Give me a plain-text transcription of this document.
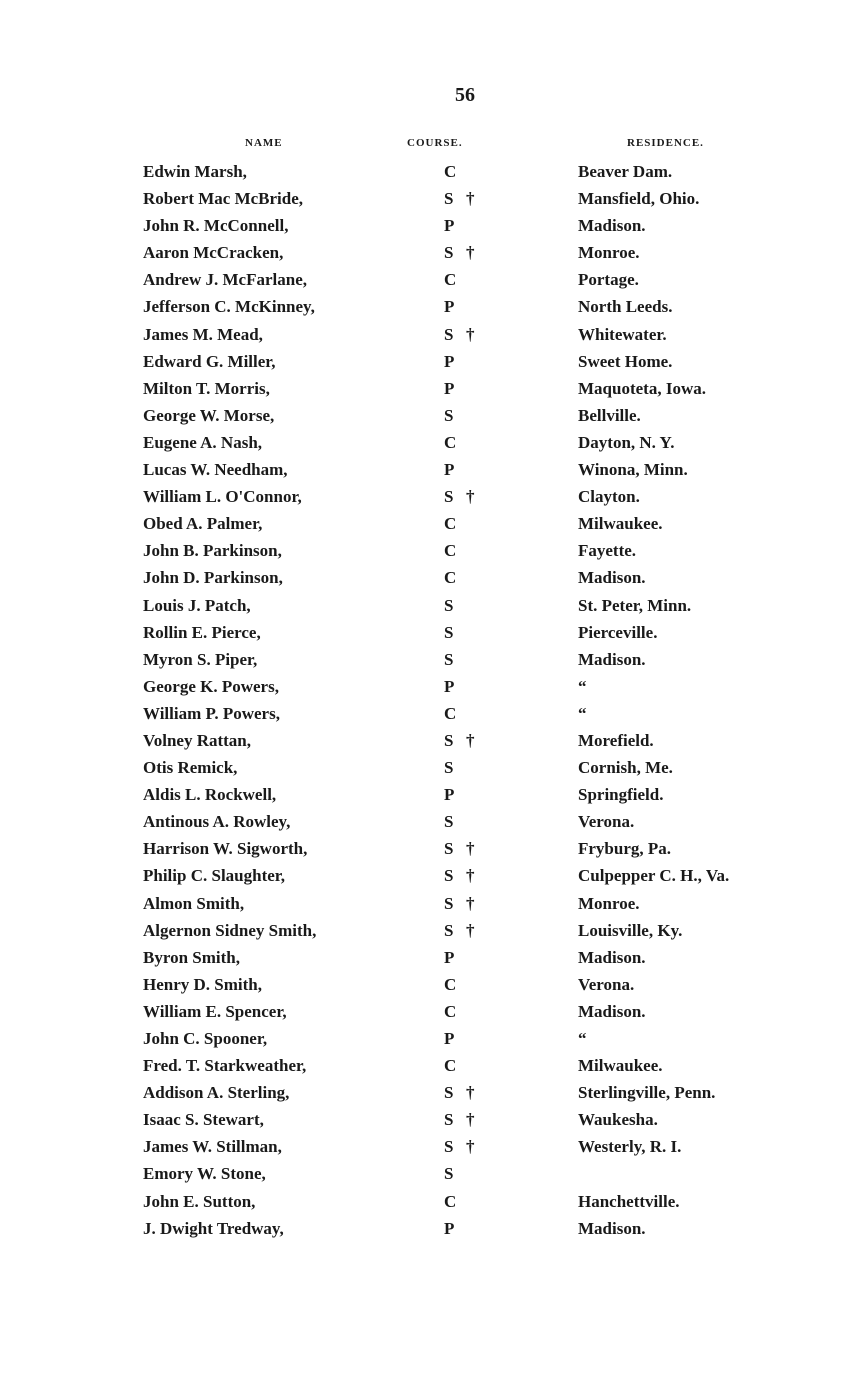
56
NAME	COURSE.	RESIDENCE.
Edwin Marsh,	C	Beaver Dam.
Robert Mac McBride,	S †	Mansfield, Ohio.
John R. McConnell,	P	Madison.
Aaron McCracken,	S †	Monroe.
Andrew J. McFarlane,	C	Portage.
Jefferson C. McKinney,	P	North Leeds.
James M. Mead,	S †	Whitewater.
Edward G. Miller,	P	Sweet Home.
Milton T. Morris,	P	Maquoteta, Iowa.
George W. Morse,	S	Bellville.
Eugene A. Nash,	C	Dayton, N. Y.
Lucas W. Needham,	P	Winona, Minn.
William L. O'Connor,	S †	Clayton.
Obed A. Palmer,	C	Milwaukee.
John B. Parkinson,	C	Fayette.
John D. Parkinson,	C	Madison.
Louis J. Patch,	S	St. Peter, Minn.
Rollin E. Pierce,	S	Pierceville.
Myron S. Piper,	S	Madison.
George K. Powers,	P	“
William P. Powers,	C	“
Volney Rattan,	S †	Morefield.
Otis Remick,	S	Cornish, Me.
Aldis L. Rockwell,	P	Springfield.
Antinous A. Rowley,	S	Verona.
Harrison W. Sigworth,	S †	Fryburg, Pa.
Philip C. Slaughter,	S †	Culpepper C. H., Va.
Almon Smith,	S †	Monroe.
Algernon Sidney Smith,	S †	Louisville, Ky.
Byron Smith,	P	Madison.
Henry D. Smith,	C	Verona.
William E. Spencer,	C	Madison.
John C. Spooner,	P	“
Fred. T. Starkweather,	C	Milwaukee.
Addison A. Sterling,	S †	Sterlingville, Penn.
Isaac S. Stewart,	S †	Waukesha.
James W. Stillman,	S †	Westerly, R. I.
Emory W. Stone,	S
John E. Sutton,	C	Hanchettville.
J. Dwight Tredway,	P	Madison.
